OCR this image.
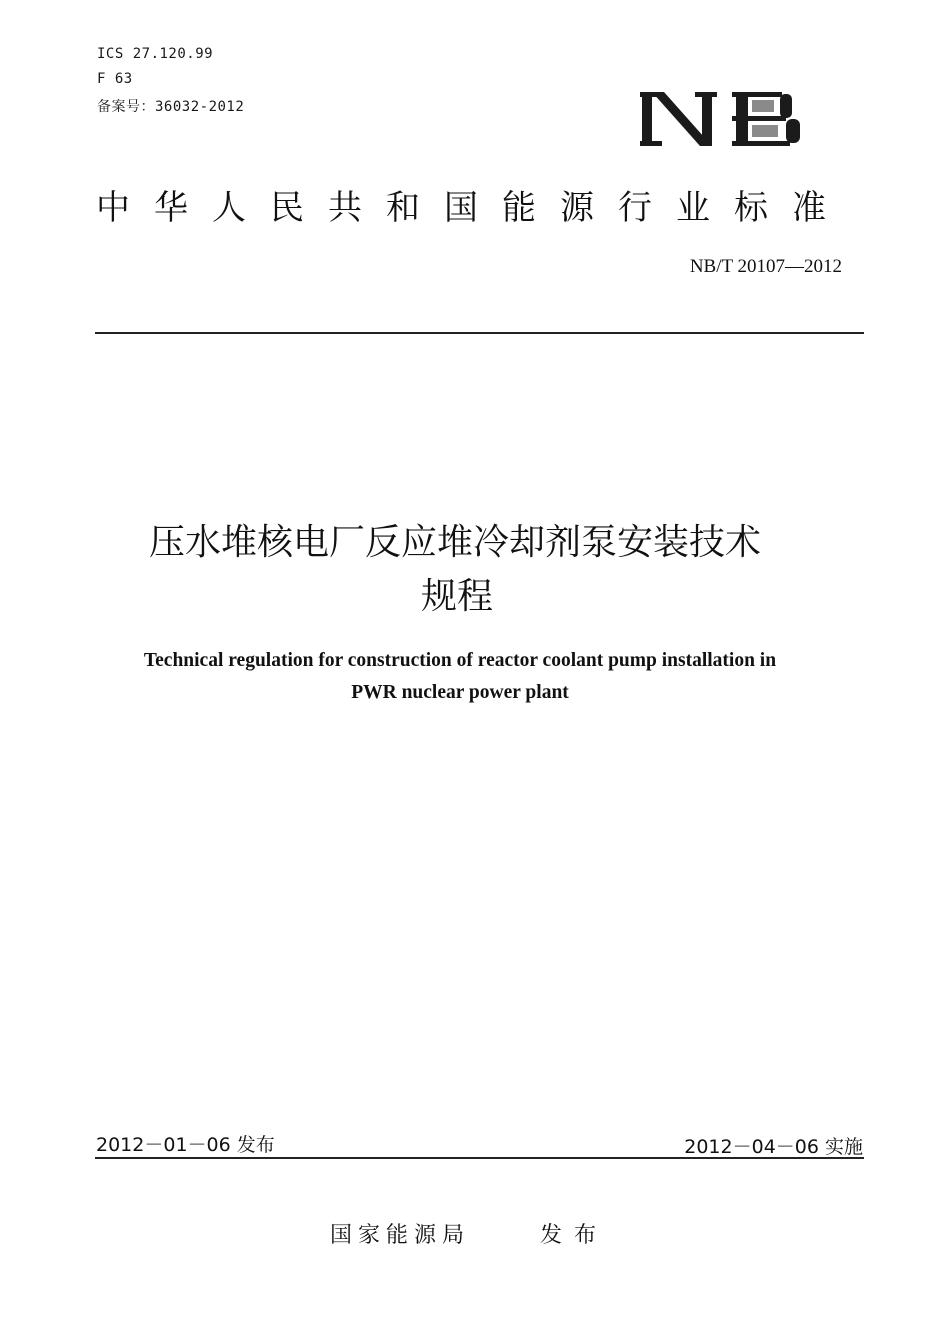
ICS 27.120.99
F 63
备案号：36032-2012
中华人民共和国能源行业标准
NB/T 20107—2012
压水堆核电厂反应堆冷却剂泵安装技术
规程
Technical regulation for construction of reactor coolant pump installation in
PWR nuclear power plant
2012－01－06 发布	2012－04－06 实施
国家能源局	发布
